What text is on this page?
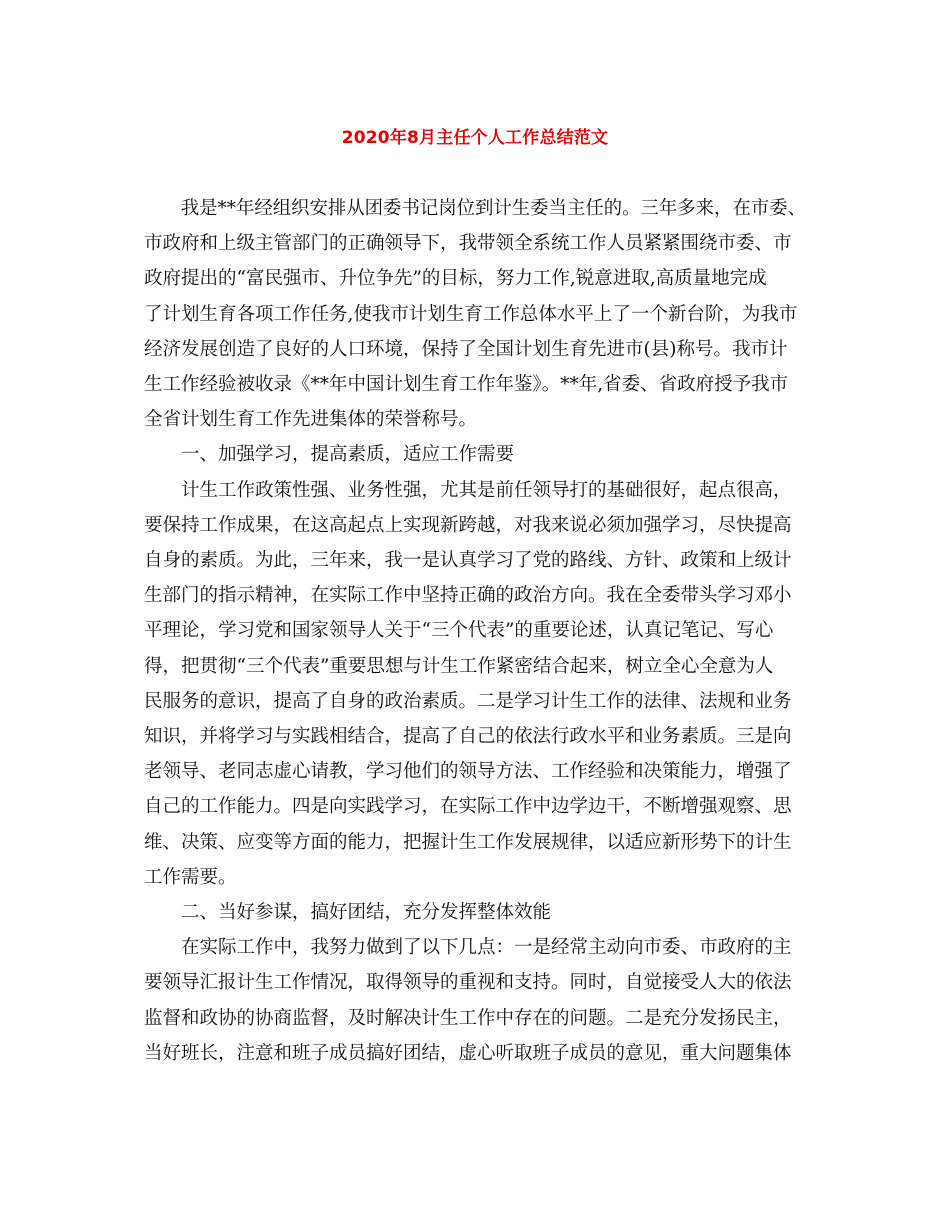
2020年8月主任个人工作总结范文
我是**年经组织安排从团委书记岗位到计生委当主任的。三年多来，在市委、
市政府和上级主管部门的正确领导下，我带领全系统工作人员紧紧围绕市委、市
政府提出的“富民强市、升位争先”的目标，努力工作,锐意进取,高质量地完成
了计划生育各项工作任务,使我市计划生育工作总体水平上了一个新台阶，为我市
经济发展创造了良好的人口环境，保持了全国计划生育先进市(县)称号。我市计
生工作经验被收录《**年中国计划生育工作年鉴》。**年,省委、省政府授予我市
全省计划生育工作先进集体的荣誉称号。
一、加强学习，提高素质，适应工作需要
计生工作政策性强、业务性强，尤其是前任领导打的基础很好，起点很高，
要保持工作成果，在这高起点上实现新跨越，对我来说必须加强学习，尽快提高
自身的素质。为此，三年来，我一是认真学习了党的路线、方针、政策和上级计
生部门的指示精神，在实际工作中坚持正确的政治方向。我在全委带头学习邓小
平理论，学习党和国家领导人关于“三个代表”的重要论述，认真记笔记、写心
得，把贯彻“三个代表”重要思想与计生工作紧密结合起来，树立全心全意为人
民服务的意识，提高了自身的政治素质。二是学习计生工作的法律、法规和业务
知识，并将学习与实践相结合，提高了自己的依法行政水平和业务素质。三是向
老领导、老同志虚心请教，学习他们的领导方法、工作经验和决策能力，增强了
自己的工作能力。四是向实践学习，在实际工作中边学边干，不断增强观察、思
维、决策、应变等方面的能力，把握计生工作发展规律，以适应新形势下的计生
工作需要。
二、当好参谋，搞好团结，充分发挥整体效能
在实际工作中，我努力做到了以下几点：一是经常主动向市委、市政府的主
要领导汇报计生工作情况，取得领导的重视和支持。同时，自觉接受人大的依法
监督和政协的协商监督，及时解决计生工作中存在的问题。二是充分发扬民主，
当好班长，注意和班子成员搞好团结，虚心听取班子成员的意见，重大问题集体
